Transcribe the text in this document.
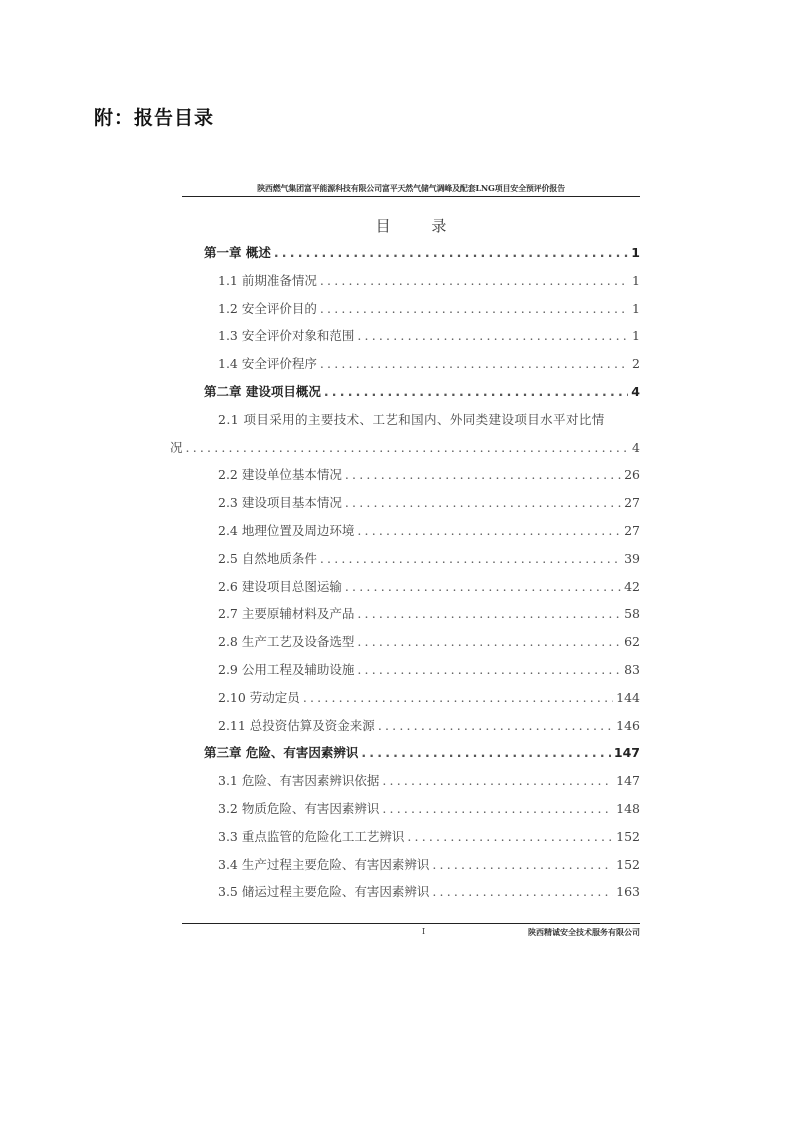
附：报告目录
陕西燃气集团富平能源科技有限公司富平天然气储气调峰及配套LNG项目安全预评价报告
目 录
第一章 概述 .....	1
1.1 前期准备情况 .....	1
1.2 安全评价目的 .....	1
1.3 安全评价对象和范围 .....	1
1.4 安全评价程序 .....	2
第二章 建设项目概况 .....	4
2.1 项目采用的主要技术、工艺和国内、外同类建设项目水平对比情
况 .....	4
2.2 建设单位基本情况 .....	26
2.3 建设项目基本情况 .....	27
2.4 地理位置及周边环境 .....	27
2.5 自然地质条件 .....	39
2.6 建设项目总图运输 .....	42
2.7 主要原辅材料及产品 .....	58
2.8 生产工艺及设备选型 .....	62
2.9 公用工程及辅助设施 .....	83
2.10 劳动定员 .....	144
2.11 总投资估算及资金来源 .....	146
第三章 危险、有害因素辨识 .....	147
3.1 危险、有害因素辨识依据 .....	147
3.2 物质危险、有害因素辨识 .....	148
3.3 重点监管的危险化工工艺辨识 .....	152
3.4 生产过程主要危险、有害因素辨识 .....	152
3.5 储运过程主要危险、有害因素辨识 .....	163
I	陕西精诚安全技术服务有限公司
